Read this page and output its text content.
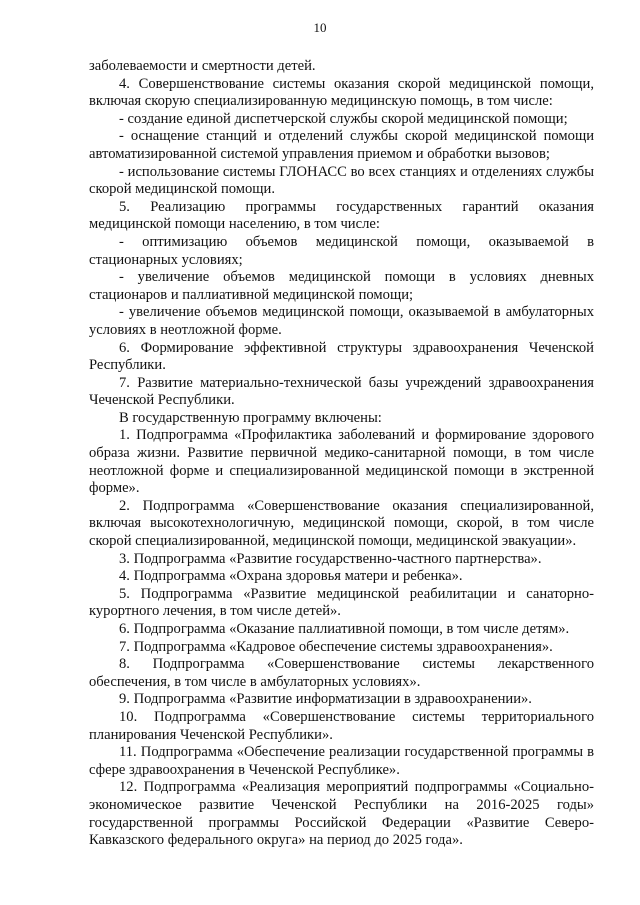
10

заболеваемости и смертности детей.

4. Совершенствование системы оказания скорой медицинской помощи, включая скорую специализированную медицинскую помощь, в том числе:

- создание единой диспетчерской службы скорой медицинской помощи;

- оснащение станций и отделений службы скорой медицинской помощи автоматизированной системой управления приемом и обработки вызовов;

- использование системы ГЛОНАСС во всех станциях и отделениях службы скорой медицинской помощи.

5. Реализацию программы государственных гарантий оказания медицинской помощи населению, в том числе:

- оптимизацию объемов медицинской помощи, оказываемой в стационарных условиях;

- увеличение объемов медицинской помощи в условиях дневных стационаров и паллиативной медицинской помощи;

- увеличение объемов медицинской помощи, оказываемой в амбулаторных условиях в неотложной форме.

6. Формирование эффективной структуры здравоохранения Чеченской Республики.

7. Развитие материально-технической базы учреждений здравоохранения Чеченской Республики.

В государственную программу включены:

1. Подпрограмма «Профилактика заболеваний и формирование здорового образа жизни. Развитие первичной медико-санитарной помощи, в том числе неотложной форме и специализированной медицинской помощи в экстренной форме».

2. Подпрограмма «Совершенствование оказания специализированной, включая высокотехнологичную, медицинской помощи, скорой, в том числе скорой специализированной, медицинской помощи, медицинской эвакуации».

3. Подпрограмма «Развитие государственно-частного партнерства».

4. Подпрограмма «Охрана здоровья матери и ребенка».

5. Подпрограмма «Развитие медицинской реабилитации и санаторно-курортного лечения, в том числе детей».

6. Подпрограмма «Оказание паллиативной помощи, в том числе детям».

7. Подпрограмма «Кадровое обеспечение системы здравоохранения».

8. Подпрограмма «Совершенствование системы лекарственного обеспечения, в том числе в амбулаторных условиях».

9. Подпрограмма «Развитие информатизации в здравоохранении».

10. Подпрограмма «Совершенствование системы территориального планирования Чеченской Республики».

11. Подпрограмма «Обеспечение реализации государственной программы в сфере здравоохранения в Чеченской Республике».

12. Подпрограмма «Реализация мероприятий подпрограммы «Социально-экономическое развитие Чеченской Республики на 2016-2025 годы» государственной программы Российской Федерации «Развитие Северо-Кавказского федерального округа» на период до 2025 года».
